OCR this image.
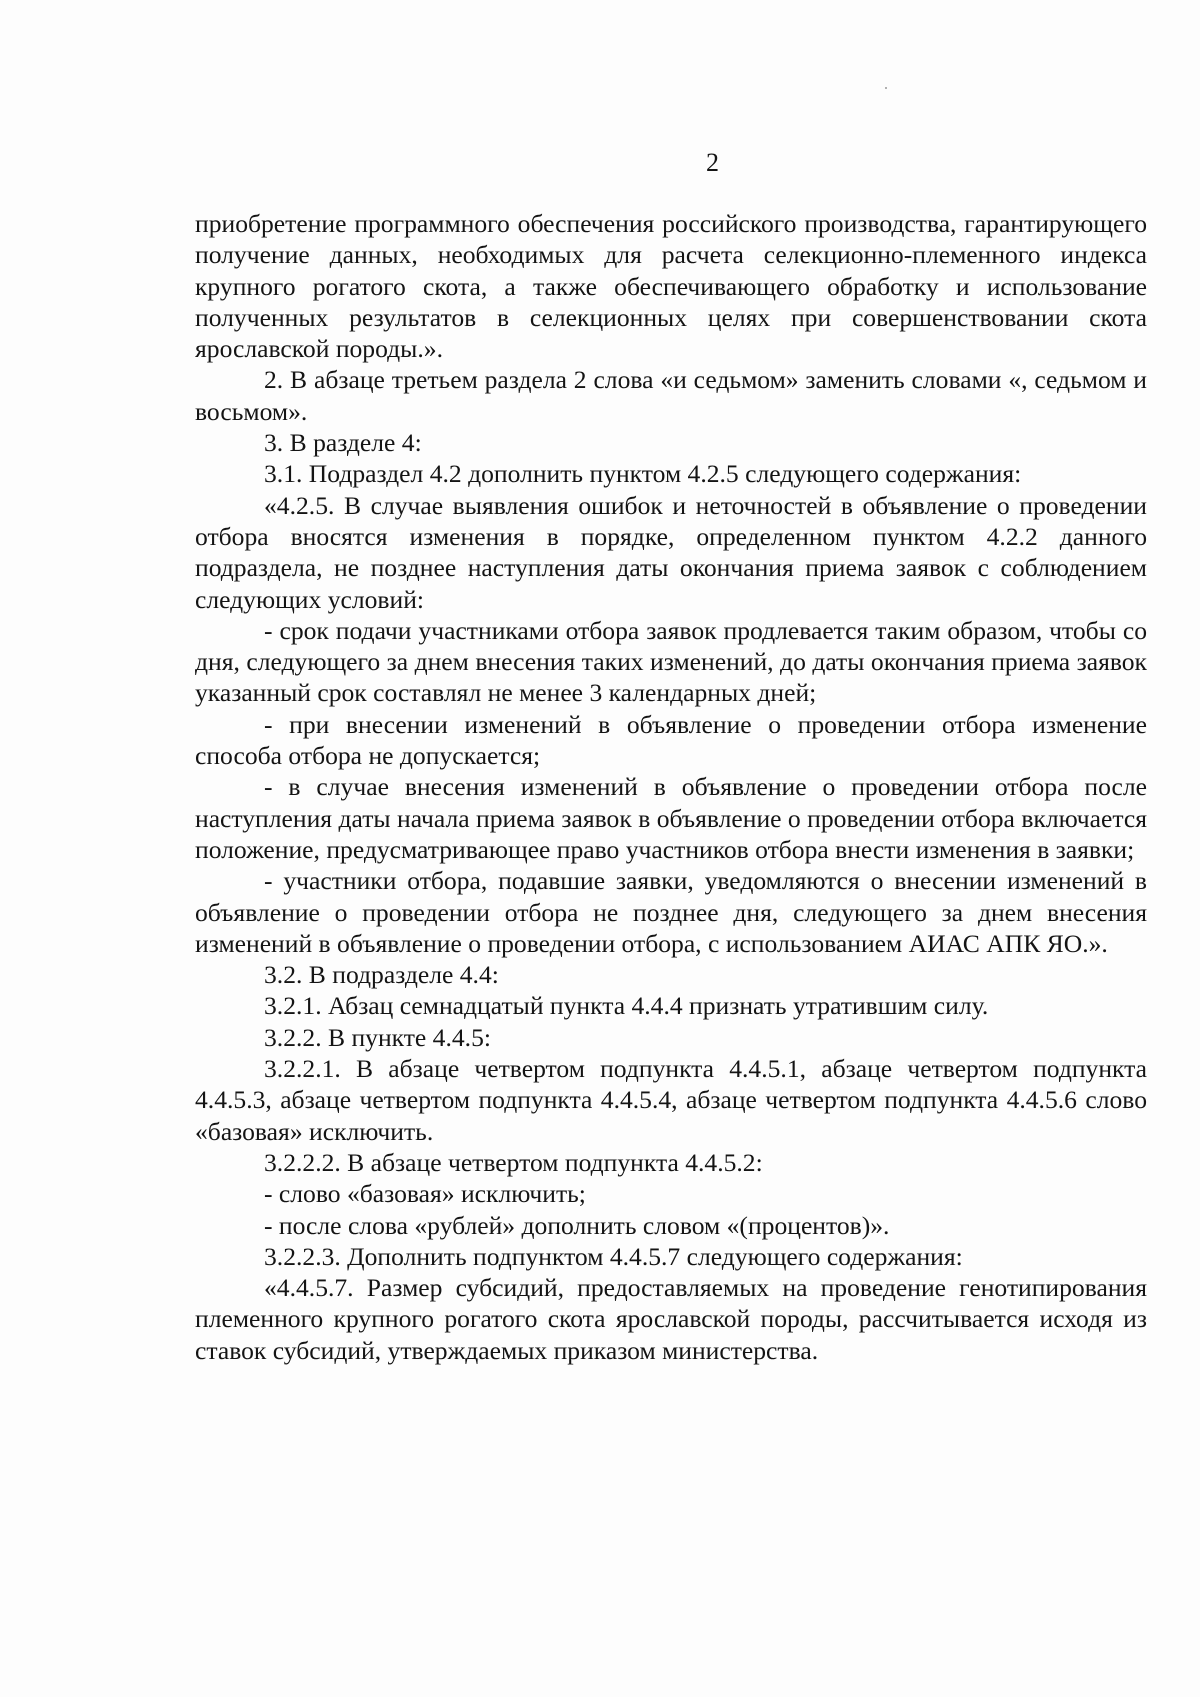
2

приобретение программного обеспечения российского производства, гарантирующего получение данных, необходимых для расчета селекционно-племенного индекса крупного рогатого скота, а также обеспечивающего обработку и использование полученных результатов в селекционных целях при совершенствовании скота ярославской породы.».

2. В абзаце третьем раздела 2 слова «и седьмом» заменить словами «, седьмом и восьмом».

3. В разделе 4:

3.1. Подраздел 4.2 дополнить пунктом 4.2.5 следующего содержания:

«4.2.5. В случае выявления ошибок и неточностей в объявление о проведении отбора вносятся изменения в порядке, определенном пунктом 4.2.2 данного подраздела, не позднее наступления даты окончания приема заявок с соблюдением следующих условий:

- срок подачи участниками отбора заявок продлевается таким образом, чтобы со дня, следующего за днем внесения таких изменений, до даты окончания приема заявок указанный срок составлял не менее 3 календарных дней;

- при внесении изменений в объявление о проведении отбора изменение способа отбора не допускается;

- в случае внесения изменений в объявление о проведении отбора после наступления даты начала приема заявок в объявление о проведении отбора включается положение, предусматривающее право участников отбора внести изменения в заявки;

- участники отбора, подавшие заявки, уведомляются о внесении изменений в объявление о проведении отбора не позднее дня, следующего за днем внесения изменений в объявление о проведении отбора, с использованием АИАС АПК ЯО.».

3.2. В подразделе 4.4:

3.2.1. Абзац семнадцатый пункта 4.4.4 признать утратившим силу.

3.2.2. В пункте 4.4.5:

3.2.2.1. В абзаце четвертом подпункта 4.4.5.1, абзаце четвертом подпункта 4.4.5.3, абзаце четвертом подпункта 4.4.5.4, абзаце четвертом подпункта 4.4.5.6 слово «базовая» исключить.

3.2.2.2. В абзаце четвертом подпункта 4.4.5.2:

- слово «базовая» исключить;

- после слова «рублей» дополнить словом «(процентов)».

3.2.2.3. Дополнить подпунктом 4.4.5.7 следующего содержания:

«4.4.5.7. Размер субсидий, предоставляемых на проведение генотипирования племенного крупного рогатого скота ярославской породы, рассчитывается исходя из ставок субсидий, утверждаемых приказом министерства.
